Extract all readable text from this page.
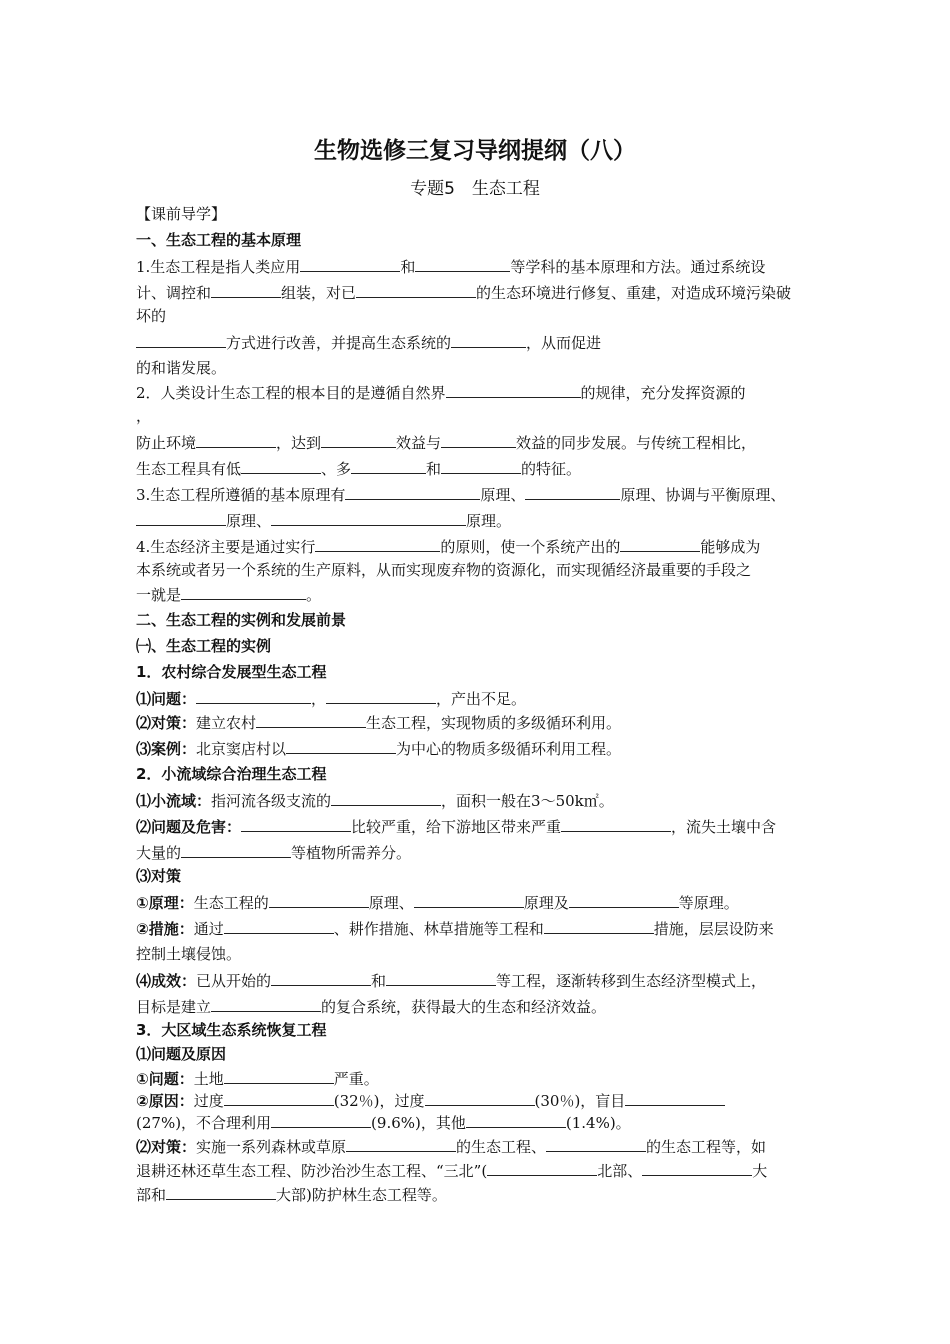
生物选修三复习导纲提纲（八）
专题5　生态工程
【课前导学】
一、生态工程的基本原理
1.生态工程是指人类应用	和	等学科的基本原理和方法。通过系统设
计、调控和	组装，对已	的生态环境进行修复、重建，对造成环境污染破
坏的
方式进行改善，并提高生态系统的	，从而促进
的和谐发展。
2．人类设计生态工程的根本目的是遵循自然界	的规律，充分发挥资源的
，
防止环境	，达到	效益与	效益的同步发展。与传统工程相比，
生态工程具有低	、多	和	的特征。
3.生态工程所遵循的基本原理有	原理、	原理、协调与平衡原理、
原理、	原理。
4.生态经济主要是通过实行	的原则，使一个系统产出的	能够成为
本系统或者另一个系统的生产原料，从而实现废弃物的资源化，而实现循经济最重要的手段之
一就是	。
二、生态工程的实例和发展前景
㈠、生态工程的实例
1．农村综合发展型生态工程
⑴问题：	，	，产出不足。
⑵对策：建立农村	生态工程，实现物质的多级循环利用。
⑶案例：北京窦店村以	为中心的物质多级循环利用工程。
2．小流域综合治理生态工程
⑴小流域：指河流各级支流的	，面积一般在3～50k㎡。
⑵问题及危害：	比较严重，给下游地区带来严重	，流失土壤中含
大量的	等植物所需养分。
⑶对策
①原理：生态工程的	原理、	原理及	等原理。
②措施：通过	、耕作措施、林草措施等工程和	措施，层层设防来
控制土壤侵蚀。
⑷成效：已从开始的	和	等工程，逐渐转移到生态经济型模式上，
目标是建立	的复合系统，获得最大的生态和经济效益。
3．大区域生态系统恢复工程
⑴问题及原因
①问题：土地	严重。
②原因：过度	(32％)，过度	(30％)，盲目
(27%)，不合理利用	(9.6%)，其他	(1.4%)。
⑵对策：实施一系列森林或草原	的生态工程、	的生态工程等，如
退耕还林还草生态工程、防沙治沙生态工程、“三北”(	北部、	大
部和	大部)防护林生态工程等。
